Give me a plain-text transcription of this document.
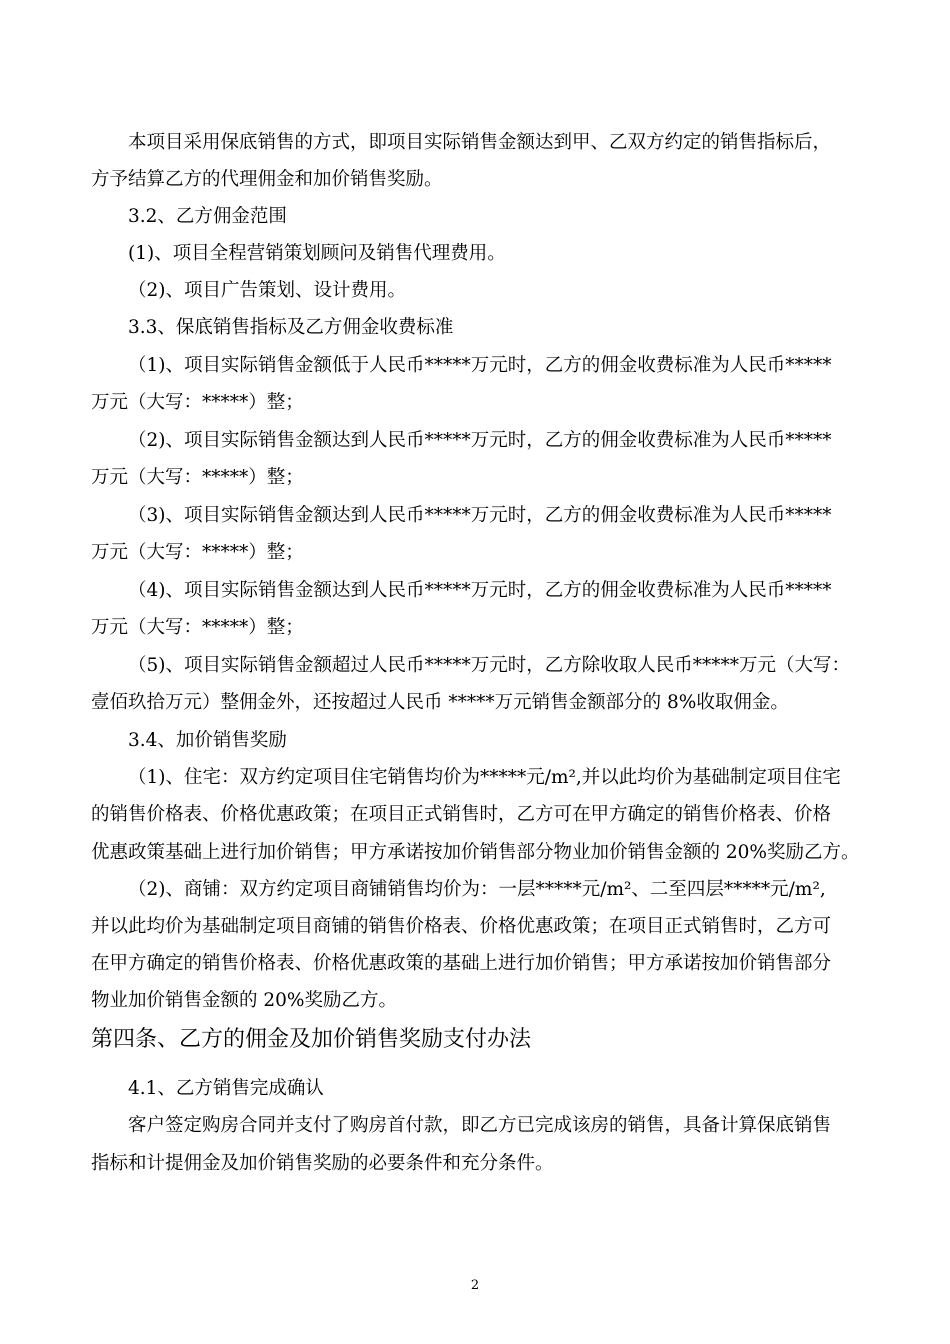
本项目采用保底销售的方式，即项目实际销售金额达到甲、乙双方约定的销售指标后，
方予结算乙方的代理佣金和加价销售奖励。
3.2、乙方佣金范围
(1)、项目全程营销策划顾问及销售代理费用。
（2)、项目广告策划、设计费用。
3.3、保底销售指标及乙方佣金收费标准
（1)、项目实际销售金额低于人民币*****万元时，乙方的佣金收费标准为人民币*****
万元（大写：*****）整；
（2)、项目实际销售金额达到人民币*****万元时，乙方的佣金收费标准为人民币*****
万元（大写：*****）整；
（3)、项目实际销售金额达到人民币*****万元时，乙方的佣金收费标准为人民币*****
万元（大写：*****）整；
（4)、项目实际销售金额达到人民币*****万元时，乙方的佣金收费标准为人民币*****
万元（大写：*****）整；
（5)、项目实际销售金额超过人民币*****万元时，乙方除收取人民币*****万元（大写：
壹佰玖拾万元）整佣金外，还按超过人民币 *****万元销售金额部分的 8%收取佣金。
3.4、加价销售奖励
（1)、住宅：双方约定项目住宅销售均价为*****元/m²,并以此均价为基础制定项目住宅
的销售价格表、价格优惠政策；在项目正式销售时，乙方可在甲方确定的销售价格表、价格
优惠政策基础上进行加价销售；甲方承诺按加价销售部分物业加价销售金额的 20%奖励乙方。
（2)、商铺：双方约定项目商铺销售均价为：一层*****元/m²、二至四层*****元/m²,
并以此均价为基础制定项目商铺的销售价格表、价格优惠政策；在项目正式销售时，乙方可
在甲方确定的销售价格表、价格优惠政策的基础上进行加价销售；甲方承诺按加价销售部分
物业加价销售金额的 20%奖励乙方。
第四条、乙方的佣金及加价销售奖励支付办法
4.1、乙方销售完成确认
客户签定购房合同并支付了购房首付款，即乙方已完成该房的销售，具备计算保底销售
指标和计提佣金及加价销售奖励的必要条件和充分条件。
2
